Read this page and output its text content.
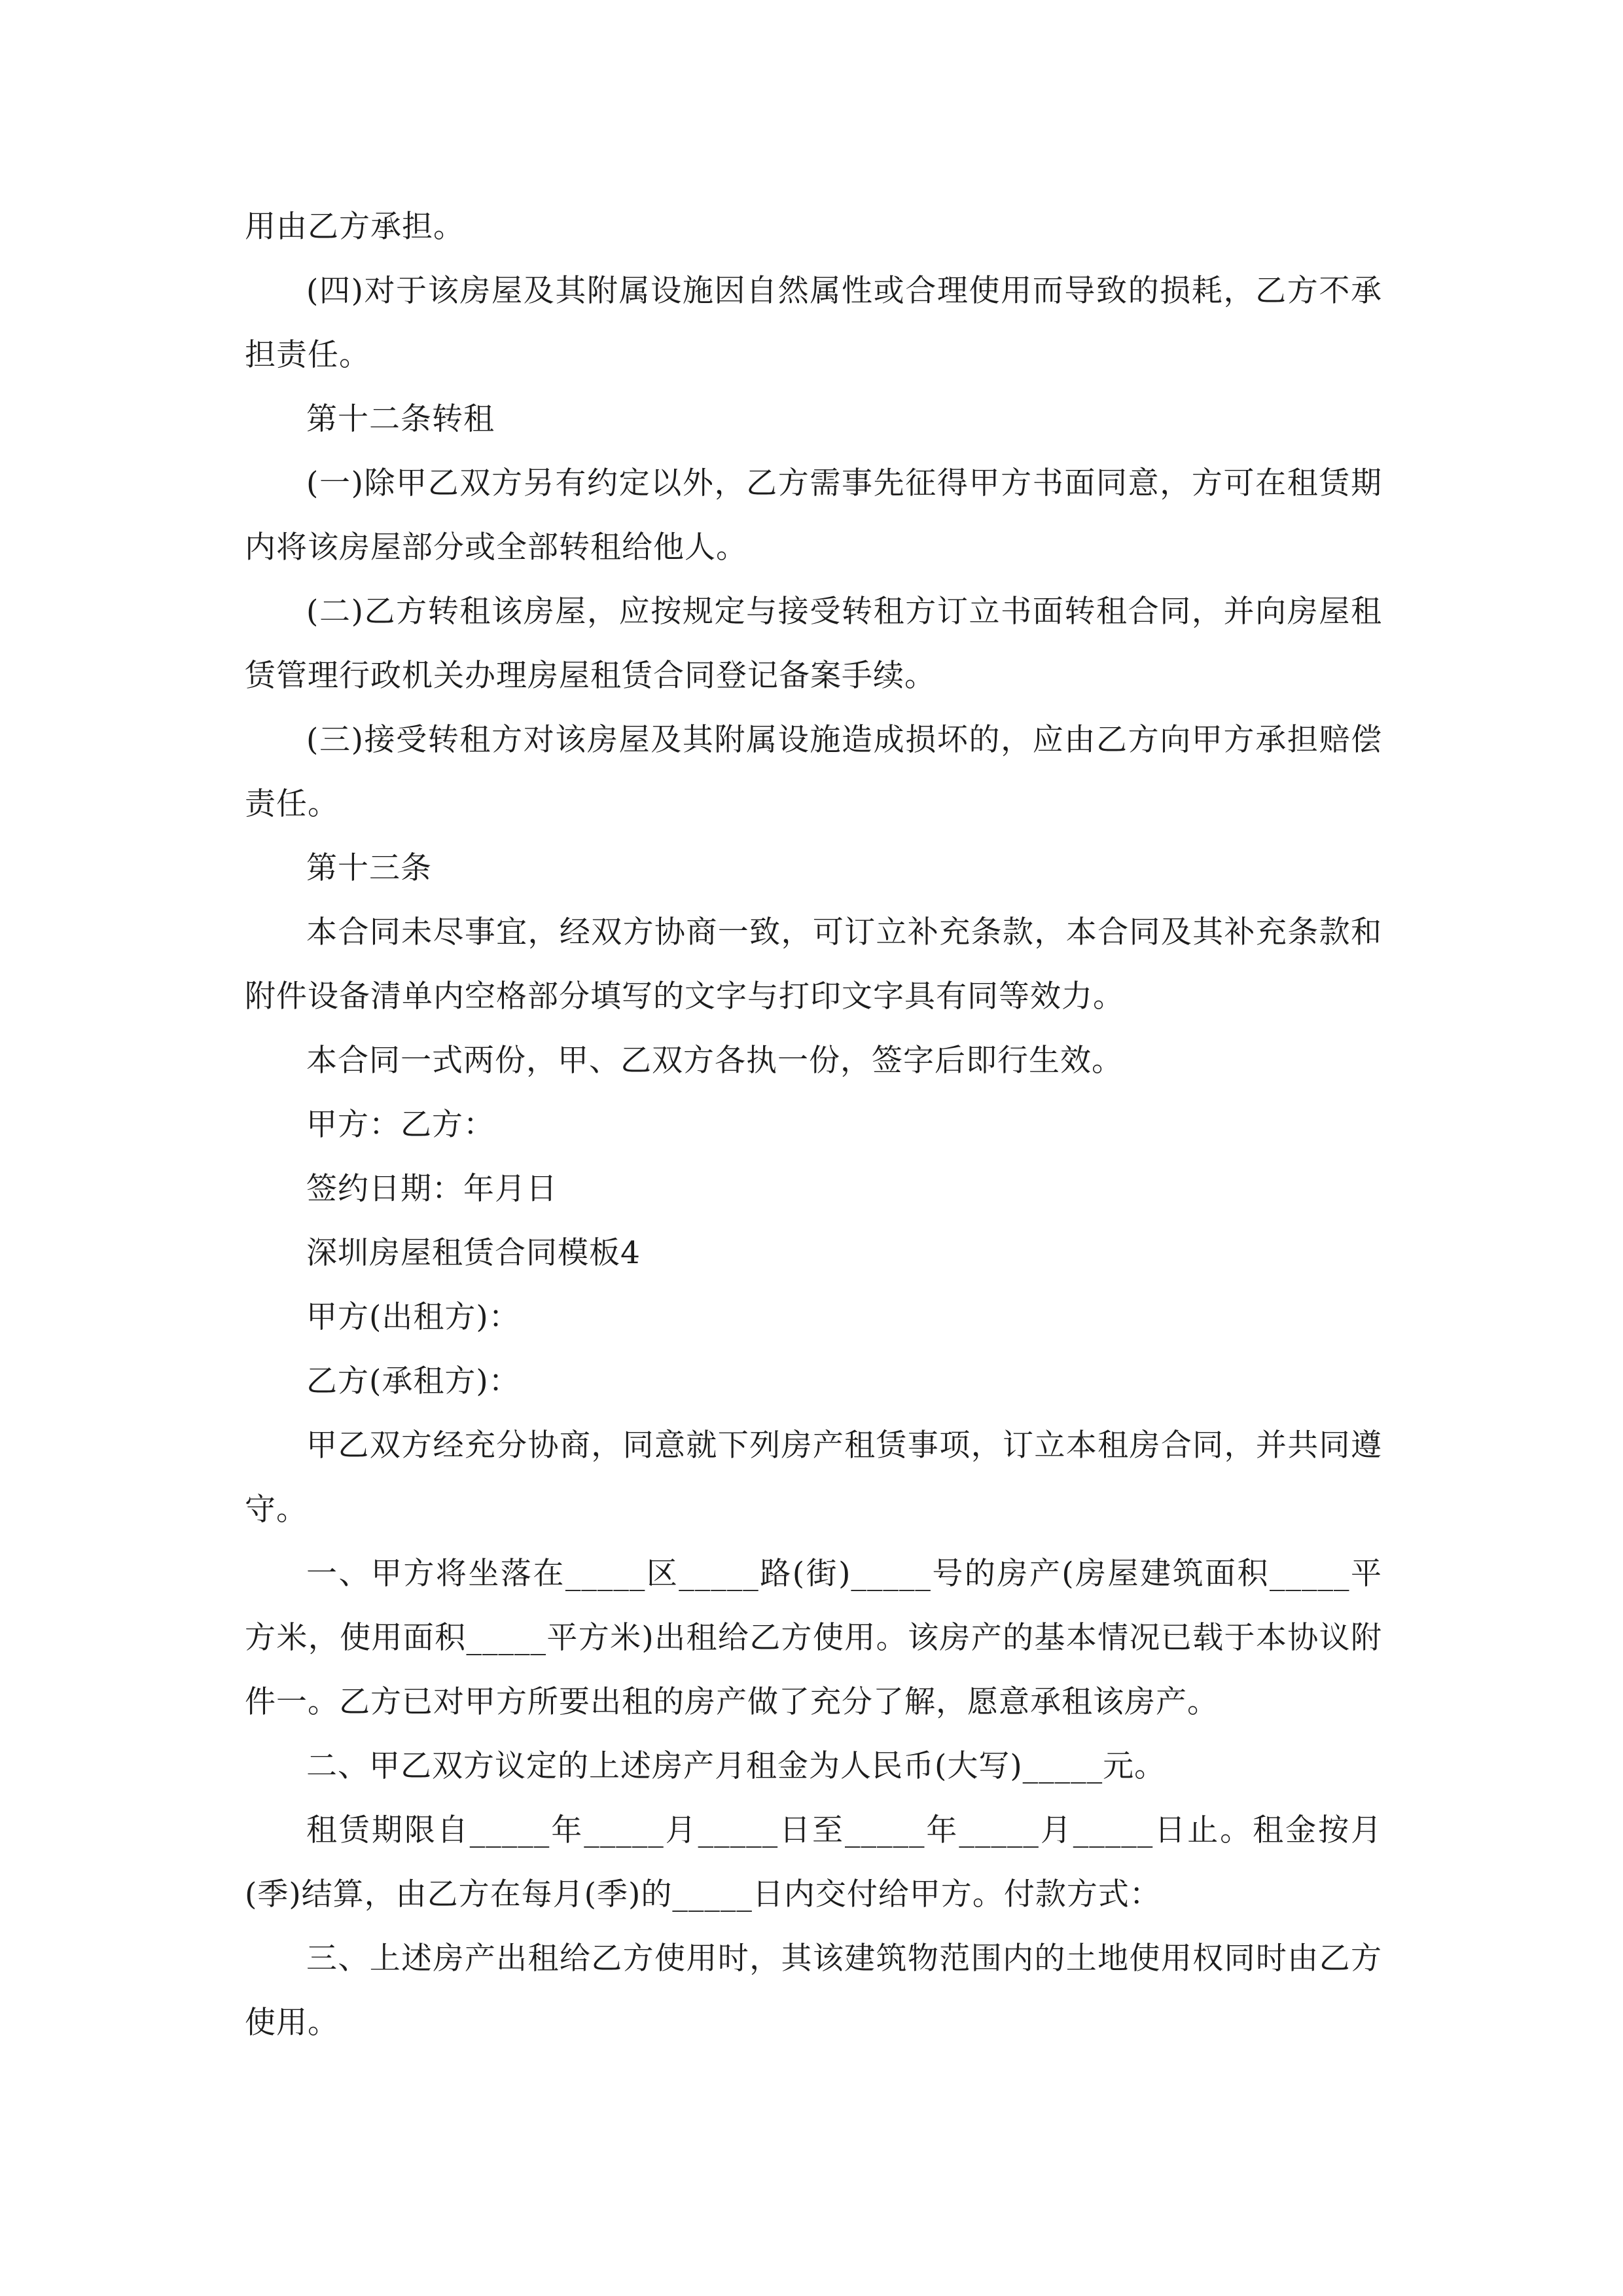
用由乙方承担。

(四)对于该房屋及其附属设施因自然属性或合理使用而导致的损耗，乙方不承担责任。

第十二条转租

(一)除甲乙双方另有约定以外，乙方需事先征得甲方书面同意，方可在租赁期内将该房屋部分或全部转租给他人。

(二)乙方转租该房屋，应按规定与接受转租方订立书面转租合同，并向房屋租赁管理行政机关办理房屋租赁合同登记备案手续。

(三)接受转租方对该房屋及其附属设施造成损坏的，应由乙方向甲方承担赔偿责任。

第十三条

本合同未尽事宜，经双方协商一致，可订立补充条款，本合同及其补充条款和附件设备清单内空格部分填写的文字与打印文字具有同等效力。

本合同一式两份，甲、乙双方各执一份，签字后即行生效。

甲方：乙方：

签约日期：年月日

深圳房屋租赁合同模板4

甲方(出租方)：

乙方(承租方)：

甲乙双方经充分协商，同意就下列房产租赁事项，订立本租房合同，并共同遵守。

一、甲方将坐落在_____区_____路(街)_____号的房产(房屋建筑面积_____平方米，使用面积_____平方米)出租给乙方使用。该房产的基本情况已载于本协议附件一。乙方已对甲方所要出租的房产做了充分了解，愿意承租该房产。

二、甲乙双方议定的上述房产月租金为人民币(大写)_____元。

租赁期限自_____年_____月_____日至_____年_____月_____日止。租金按月(季)结算，由乙方在每月(季)的_____日内交付给甲方。付款方式：

三、上述房产出租给乙方使用时，其该建筑物范围内的土地使用权同时由乙方使用。
